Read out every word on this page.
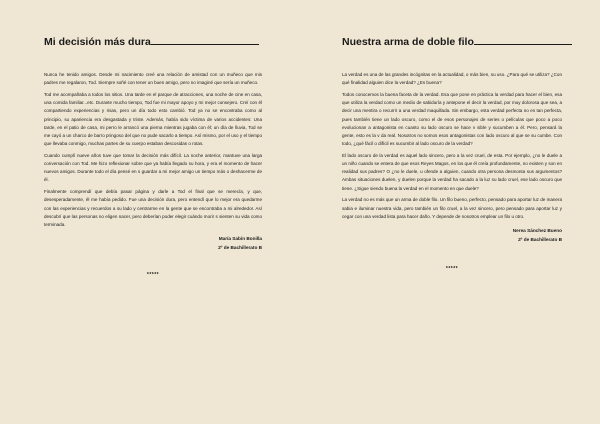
Mi decisión más dura

Nunca he tenido amigos. Desde mi nacimiento creé una relación de amistad con un muñeco que mis padres me regalaron, Tod. Siempre soñé con tener un buen amigo, pero no imaginé que sería un muñeco.

Tod me acompañaba a todos los sitios. Una tarde en el parque de atracciones, una noche de cine en casa, una comida familiar...etc. Durante mucho tiempo, Tod fue mi mayor apoyo y mi mejor consejero. Creí con él compartiendo experiencias y risas, pero un día todo esto cambió. Tod ya no se encontraba como al principio, su apariencia era desgastada y triste. Además, había sido víctima de varios accidentes: Una tarde, en el patio de casa, mi perro le arrancó una pierna mientras jugaba con él; un día de lluvia, Tod se me cayó a un charco de barro pringoso del que no pude sacarlo a tiempo. Así mismo, por el uso y el tiempo que llevaba conmigo, muchas partes de su cuerpo estaban descosidas o rotas.

Cuando cumplí nueve años tuve que tomar la decisión más difícil. La noche anterior, mantuve una larga conversación con Tod. Me hizo reflexionar sobre que ya había llegado su hora, y era el momento de hacer nuevos amigos. Durante todo el día pensé en s guardar a mi mejor amigo un tiempo más o deshacerme de él.

Finalmente comprendí que debía pasar página y darle a Tod el final que se merecía, y que, desesperadamente, él me había pedido. Fue una decisión dura, pero entendí que lo mejor era quedarme con las experiencias y recuerdos a su lado y centrarme en la gente que se encontraba a mi alrededor. Así descubrí que las personas no eligen nacer, pero deberían poder elegir cuándo morir s sienten su vida como terminada.

María Sabín Bonilla
2º de Bachillerato B
*****
Nuestra arma de doble filo

La verdad es una de las grandes incógnitas en la actualidad, o más bien, su uso. ¿Para qué se utiliza? ¿Con qué finalidad alguien dice la verdad? ¿Es buena?

Todos conocemos la buena faceta de la verdad. Esa que pone en práctica la verdad para hacer el bien, esa que utiliza la verdad como un medio de sabiduría y antepone el decir la verdad, por muy dolorosa que sea, a decir una mentira o recurrir a una verdad maquillada. Sin embargo, esta verdad perfecta no es tan perfecta, pues también tiene un lado oscuro, como el de esos personajes de series o películas que poco a poco evolucionan a antagonista en cuanto su lado oscuro se hace v sible y sucumben a él. Pero, pensará la gente, esto es la v da real. Nosotros no somos esos antagonistas con lado oscuro al que se su cumbe. Con todo, ¿qué fácil o difícil es sucumbir al lado oscuro de la verdad?

El lado oscuro de la verdad es aquel lado sincero, pero a la vez cruel, de esta. Por ejemplo, ¿no le duele a un niño cuando se entera de que esos Reyes Magos, en los que él creía profundamente, no existen y son en realidad sus padres? O ¿no le duele, u ofende a alguien, cuando otra persona desmonta sus argumentos? Ambas situaciones duelen, y duelen porque la verdad ha sacado a la luz su lado cruel, ese lado oscuro que tiene. ¿Sigue siendo buena la verdad en el momento en que duele?

La verdad no es más que un arma de doble filo. Un filo bueno, perfecto, pensado para aportar luz de manera sabia e iluminar nuestra vida, pero también un filo cruel, a la vez sincero, pero pensado para aportar luz y cegar con una verdad lista para hacer daño. Y depende de nosotros emplear un filo u otro.

Nerea Sánchez Bueno
2º de Bachillerato B
*****
